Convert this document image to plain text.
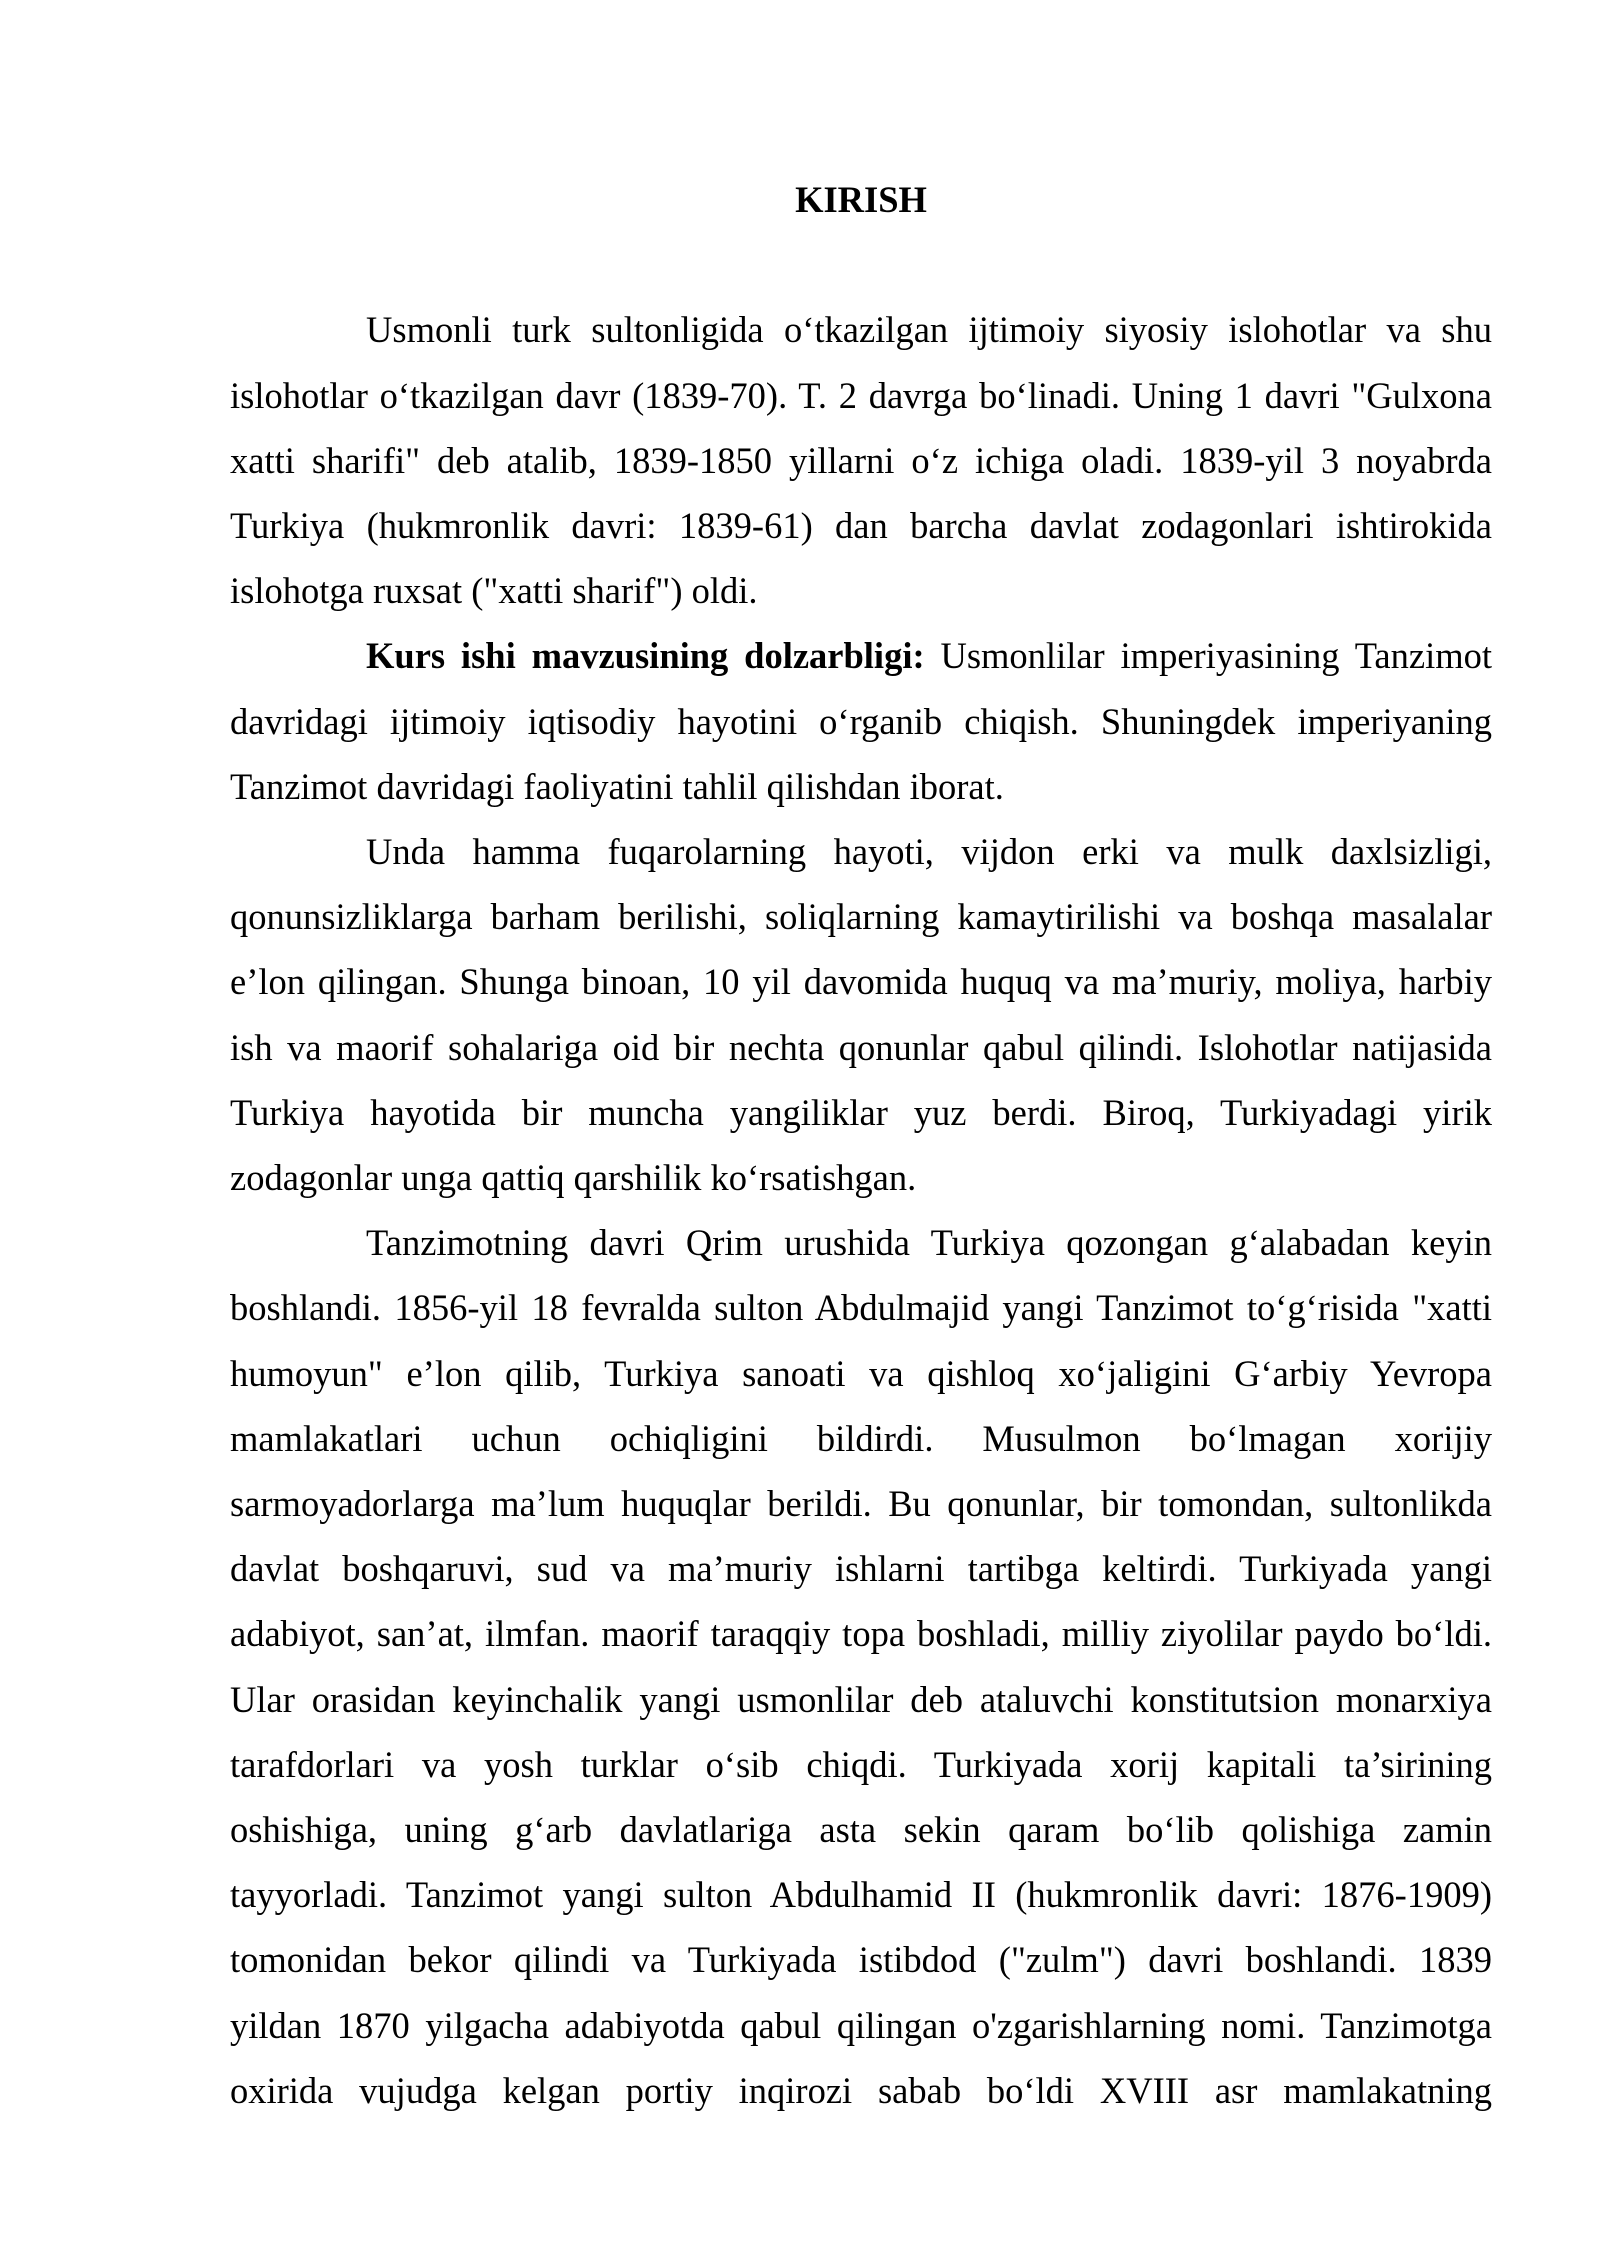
KIRISH
Usmonli turk sultonligida o‘tkazilgan ijtimoiy siyosiy islohotlar va shu
islohotlar o‘tkazilgan davr (1839-70). T. 2 davrga bo‘linadi. Uning 1 davri "Gulxona
xatti sharifi" deb atalib, 1839-1850 yillarni o‘z ichiga oladi. 1839-yil 3 noyabrda
Turkiya (hukmronlik davri: 1839-61) dan barcha davlat zodagonlari ishtirokida
islohotga ruxsat ("xatti sharif") oldi.
Kurs ishi mavzusining dolzarbligi: Usmonlilar imperiyasining Tanzimot
davridagi ijtimoiy iqtisodiy hayotini o‘rganib chiqish. Shuningdek imperiyaning
Tanzimot davridagi faoliyatini tahlil qilishdan iborat.
Unda hamma fuqarolarning hayoti, vijdon erki va mulk daxlsizligi,
qonunsizliklarga barham berilishi, soliqlarning kamaytirilishi va boshqa masalalar
e’lon qilingan. Shunga binoan, 10 yil davomida huquq va ma’muriy, moliya, harbiy
ish va maorif sohalariga oid bir nechta qonunlar qabul qilindi. Islohotlar natijasida
Turkiya hayotida bir muncha yangiliklar yuz berdi. Biroq, Turkiyadagi yirik
zodagonlar unga qattiq qarshilik ko‘rsatishgan.
Tanzimotning davri Qrim urushida Turkiya qozongan g‘alabadan keyin
boshlandi. 1856-yil 18 fevralda sulton Abdulmajid yangi Tanzimot to‘g‘risida "xatti
humoyun" e’lon qilib, Turkiya sanoati va qishloq xo‘jaligini G‘arbiy Yevropa
mamlakatlari uchun ochiqligini bildirdi. Musulmon bo‘lmagan xorijiy
sarmoyadorlarga ma’lum huquqlar berildi. Bu qonunlar, bir tomondan, sultonlikda
davlat boshqaruvi, sud va ma’muriy ishlarni tartibga keltirdi. Turkiyada yangi
adabiyot, san’at, ilmfan. maorif taraqqiy topa boshladi, milliy ziyolilar paydo bo‘ldi.
Ular orasidan keyinchalik yangi usmonlilar deb ataluvchi konstitutsion monarxiya
tarafdorlari va yosh turklar o‘sib chiqdi. Turkiyada xorij kapitali ta’sirining
oshishiga, uning g‘arb davlatlariga asta sekin qaram bo‘lib qolishiga zamin
tayyorladi. Tanzimot yangi sulton Abdulhamid II (hukmronlik davri: 1876-1909)
tomonidan bekor qilindi va Turkiyada istibdod ("zulm") davri boshlandi. 1839
yildan 1870 yilgacha adabiyotda qabul qilingan o'zgarishlarning nomi. Tanzimotga
oxirida vujudga kelgan portiy inqirozi sabab bo‘ldi XVIII asr mamlakatning
